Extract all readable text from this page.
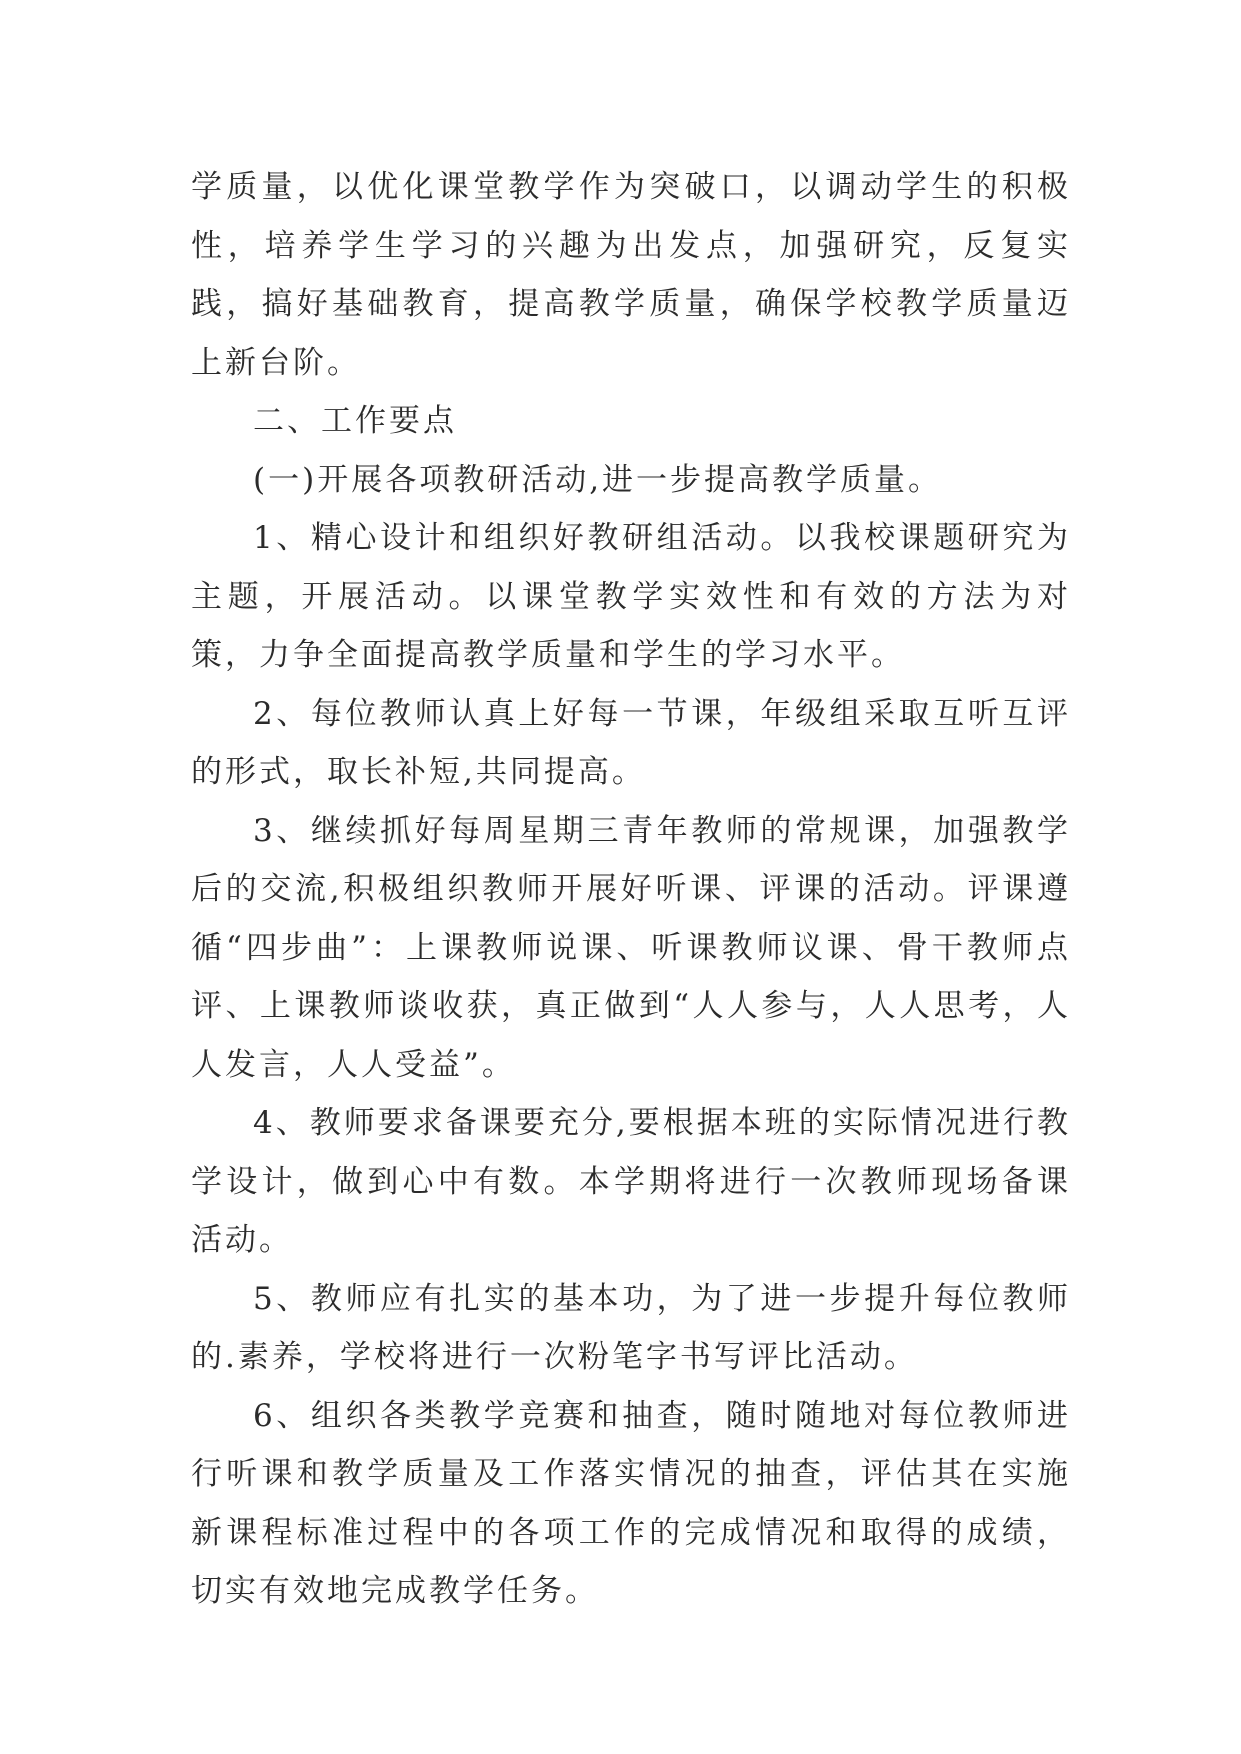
学质量，以优化课堂教学作为突破口，以调动学生的积极性，培养学生学习的兴趣为出发点，加强研究，反复实践，搞好基础教育，提高教学质量，确保学校教学质量迈上新台阶。

二、工作要点

(一)开展各项教研活动,进一步提高教学质量。

1、精心设计和组织好教研组活动。以我校课题研究为主题，开展活动。以课堂教学实效性和有效的方法为对策，力争全面提高教学质量和学生的学习水平。

2、每位教师认真上好每一节课，年级组采取互听互评的形式，取长补短,共同提高。

3、继续抓好每周星期三青年教师的常规课，加强教学后的交流,积极组织教师开展好听课、评课的活动。评课遵循“四步曲”：上课教师说课、听课教师议课、骨干教师点评、上课教师谈收获，真正做到“人人参与，人人思考，人人发言，人人受益”。

4、教师要求备课要充分,要根据本班的实际情况进行教学设计，做到心中有数。本学期将进行一次教师现场备课活动。

5、教师应有扎实的基本功，为了进一步提升每位教师的.素养，学校将进行一次粉笔字书写评比活动。

6、组织各类教学竞赛和抽查，随时随地对每位教师进行听课和教学质量及工作落实情况的抽查，评估其在实施新课程标准过程中的各项工作的完成情况和取得的成绩，切实有效地完成教学任务。
